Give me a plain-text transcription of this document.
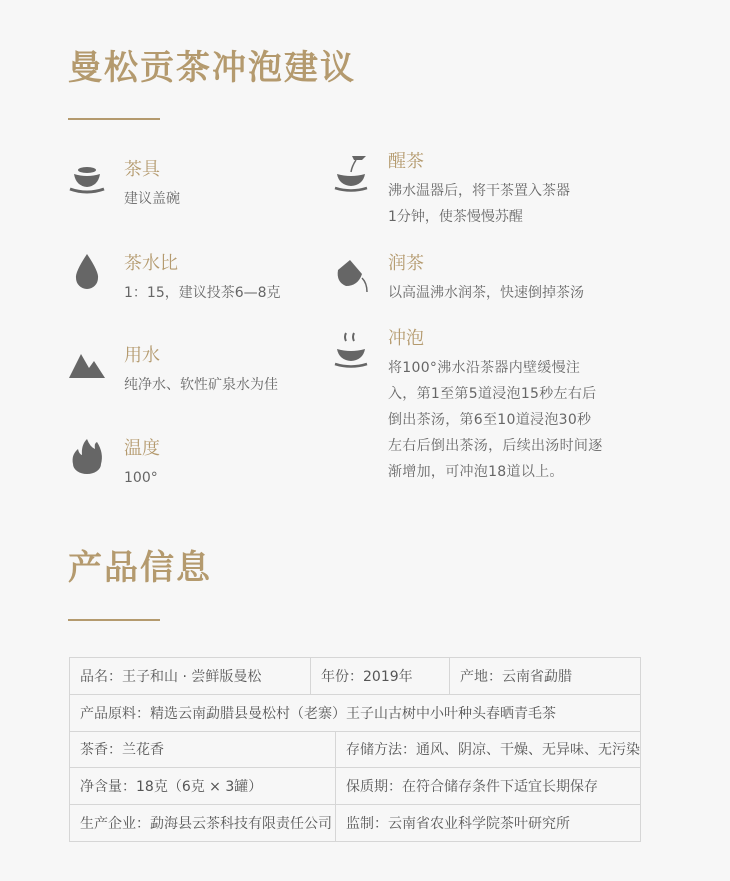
曼松贡茶冲泡建议
茶具

建议盖碗

茶水比

1：15，建议投茶6—8克

用水

纯净水、软性矿泉水为佳

温度

100°

醒茶

沸水温器后，将干茶置入茶器
1分钟，使茶慢慢苏醒

润茶

以高温沸水润茶，快速倒掉茶汤

冲泡

将100°沸水沿茶器内壁缓慢注
入，第1至第5道浸泡15秒左右后
倒出茶汤，第6至10道浸泡30秒
左右后倒出茶汤，后续出汤时间逐
渐增加，可冲泡18道以上。

产品信息
品名：王子和山 · 尝鲜版曼松	年份：2019年	产地：云南省勐腊
产品原料：精选云南勐腊县曼松村（老寨）王子山古树中小叶种头春晒青毛茶
茶香：兰花香	存储方法：通风、阴凉、干燥、无异味、无污染
净含量：18克（6克 × 3罐）	保质期：在符合储存条件下适宜长期保存
生产企业：勐海县云茶科技有限责任公司	监制：云南省农业科学院茶叶研究所
